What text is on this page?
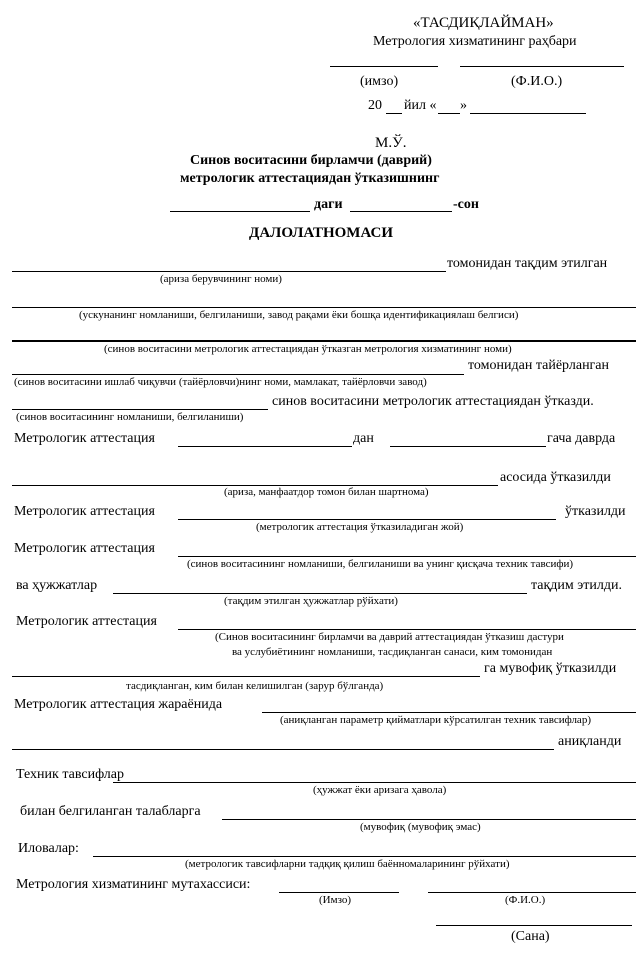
«ТАСДИҚЛАЙМАН»
Метрология хизматининг раҳбари
(имзо)	(Ф.И.О.)
20 йил « »
М.Ў.
Синов воситасини бирламчи (даврий)
метрологик аттестациядан ўтказишнинг
даги	-сон
ДАЛОЛАТНОМАСИ
томонидан тақдим этилган
(ариза берувчининг номи)
(ускунанинг номланиши, белгиланиши, завод рақами ёки бошқа идентификациялаш белгиси)
(синов воситасини метрологик аттестациядан ўтказган метрология хизматининг номи)
томонидан тайёрланган
(синов воситасини ишлаб чиқувчи (тайёрловчи)нинг номи, мамлакат, тайёрловчи завод)
синов воситасини метрологик аттестациядан ўтказди.
(синов воситасининг номланиши, белгиланиши)
Метрологик аттестация	дан	гача даврда
асосида ўтказилди
(ариза, манфаатдор томон билан шартнома)
Метрологик аттестация	ўтказилди
(метрологик аттестация ўтказиладиган жой)
Метрологик аттестация
(синов воситасининг номланиши, белгиланиши ва унинг қисқача техник тавсифи)
ва ҳужжатлар	тақдим этилди.
(тақдим этилган ҳужжатлар рўйхати)
Метрологик аттестация
(Синов воситасининг бирламчи ва даврий аттестациядан ўтказиш дастури
ва услубиётининг номланиши, тасдиқланган санаси, ким томонидан
га мувофиқ ўтказилди
тасдиқланган, ким билан келишилган (зарур бўлганда)
Метрологик аттестация жараёнида
(аниқланган параметр қийматлари кўрсатилган техник тавсифлар)
аниқланди
Техник тавсифлар
(ҳужжат ёки аризага ҳавола)
билан белгиланган талабларга
(мувофиқ (мувофиқ эмас)
Иловалар:
(метрологик тавсифларни тадқиқ қилиш баённомаларининг рўйхати)
Метрология хизматининг мутахассиси:
(Имзо)	(Ф.И.О.)
(Сана)
